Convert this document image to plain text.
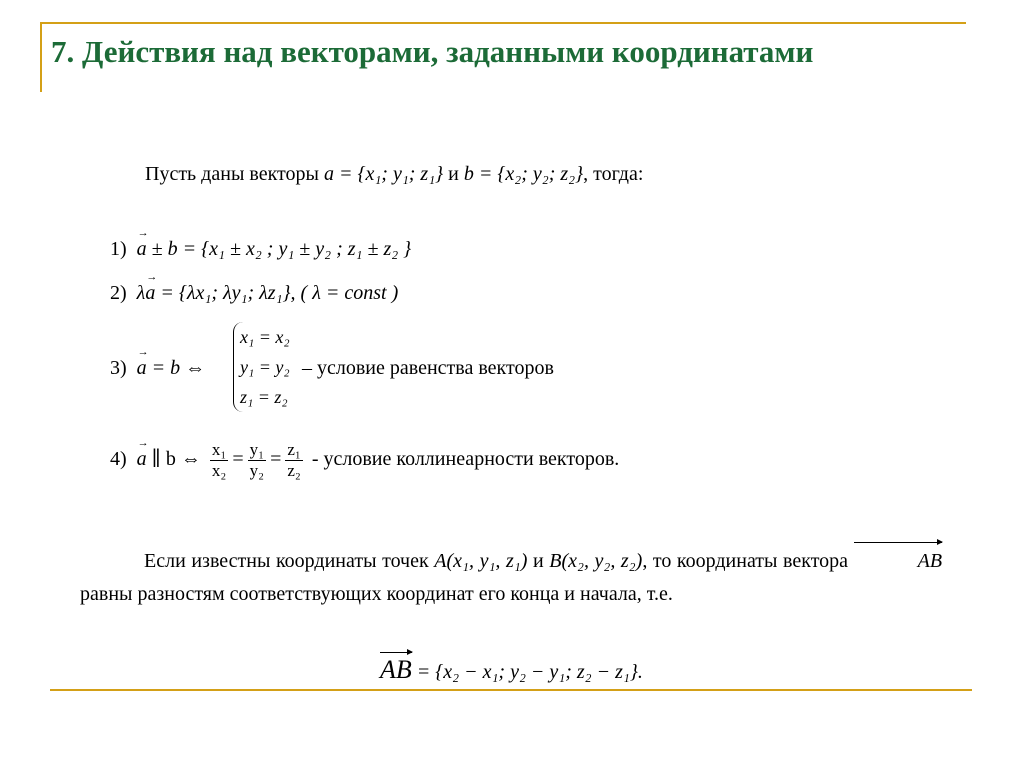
7. Действия над векторами, заданными координатами
Пусть даны векторы a = {x₁; y₁; z₁} и b = {x₂; y₂; z₂}, тогда:
1) → a ± b = {x₁ ± x₂ ; y₁ ± y₂ ; z₁ ± z₂ }
2) λ→ a = {λx₁; λy₁; λz₁}, ( λ = const )
3) → a = b ⇔
x₁ = x₂
y₁ = y₂
z₁ = z₂
– условие равенства векторов
4) → a ∥ b ⇔ $\frac{\text{x₁}}{\text{x₂}} = \frac{\text{y₁}}{\text{y₂}} = \frac{\text{z₁}}{\text{z₂}}$ - условие коллинеарности векторов.
Если известны координаты точек A(x₁, y₁, z₁) и B(x₂, y₂, z₂), то координаты вектора	AB равны разностям соответствующих координат его конца и начала, т.е.
AB = {x₂ − x₁; y₂ − y₁; z₂ − z₁}.
